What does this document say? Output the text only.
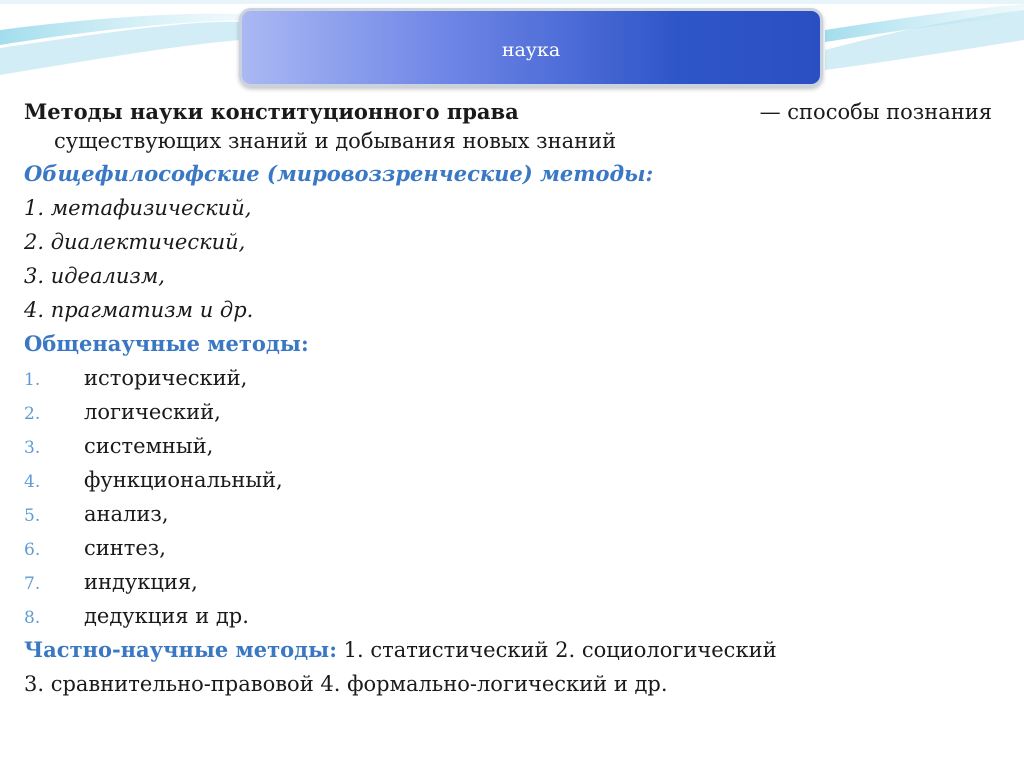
наука
Методы науки конституционного права	— способы познания
существующих знаний и добывания новых знаний
Общефилософские (мировоззренческие) методы:
1. метафизический,
2. диалектический,
3. идеализм,
4. прагматизм и др.
Общенаучные методы:
1. исторический,
2. логический,
3. системный,
4. функциональный,
5. анализ,
6. синтез,
7. индукция,
8. дедукция и др.
Частно-научные методы: 1. статистический 2. социологический
3. сравнительно-правовой 4. формально-логический и др.
